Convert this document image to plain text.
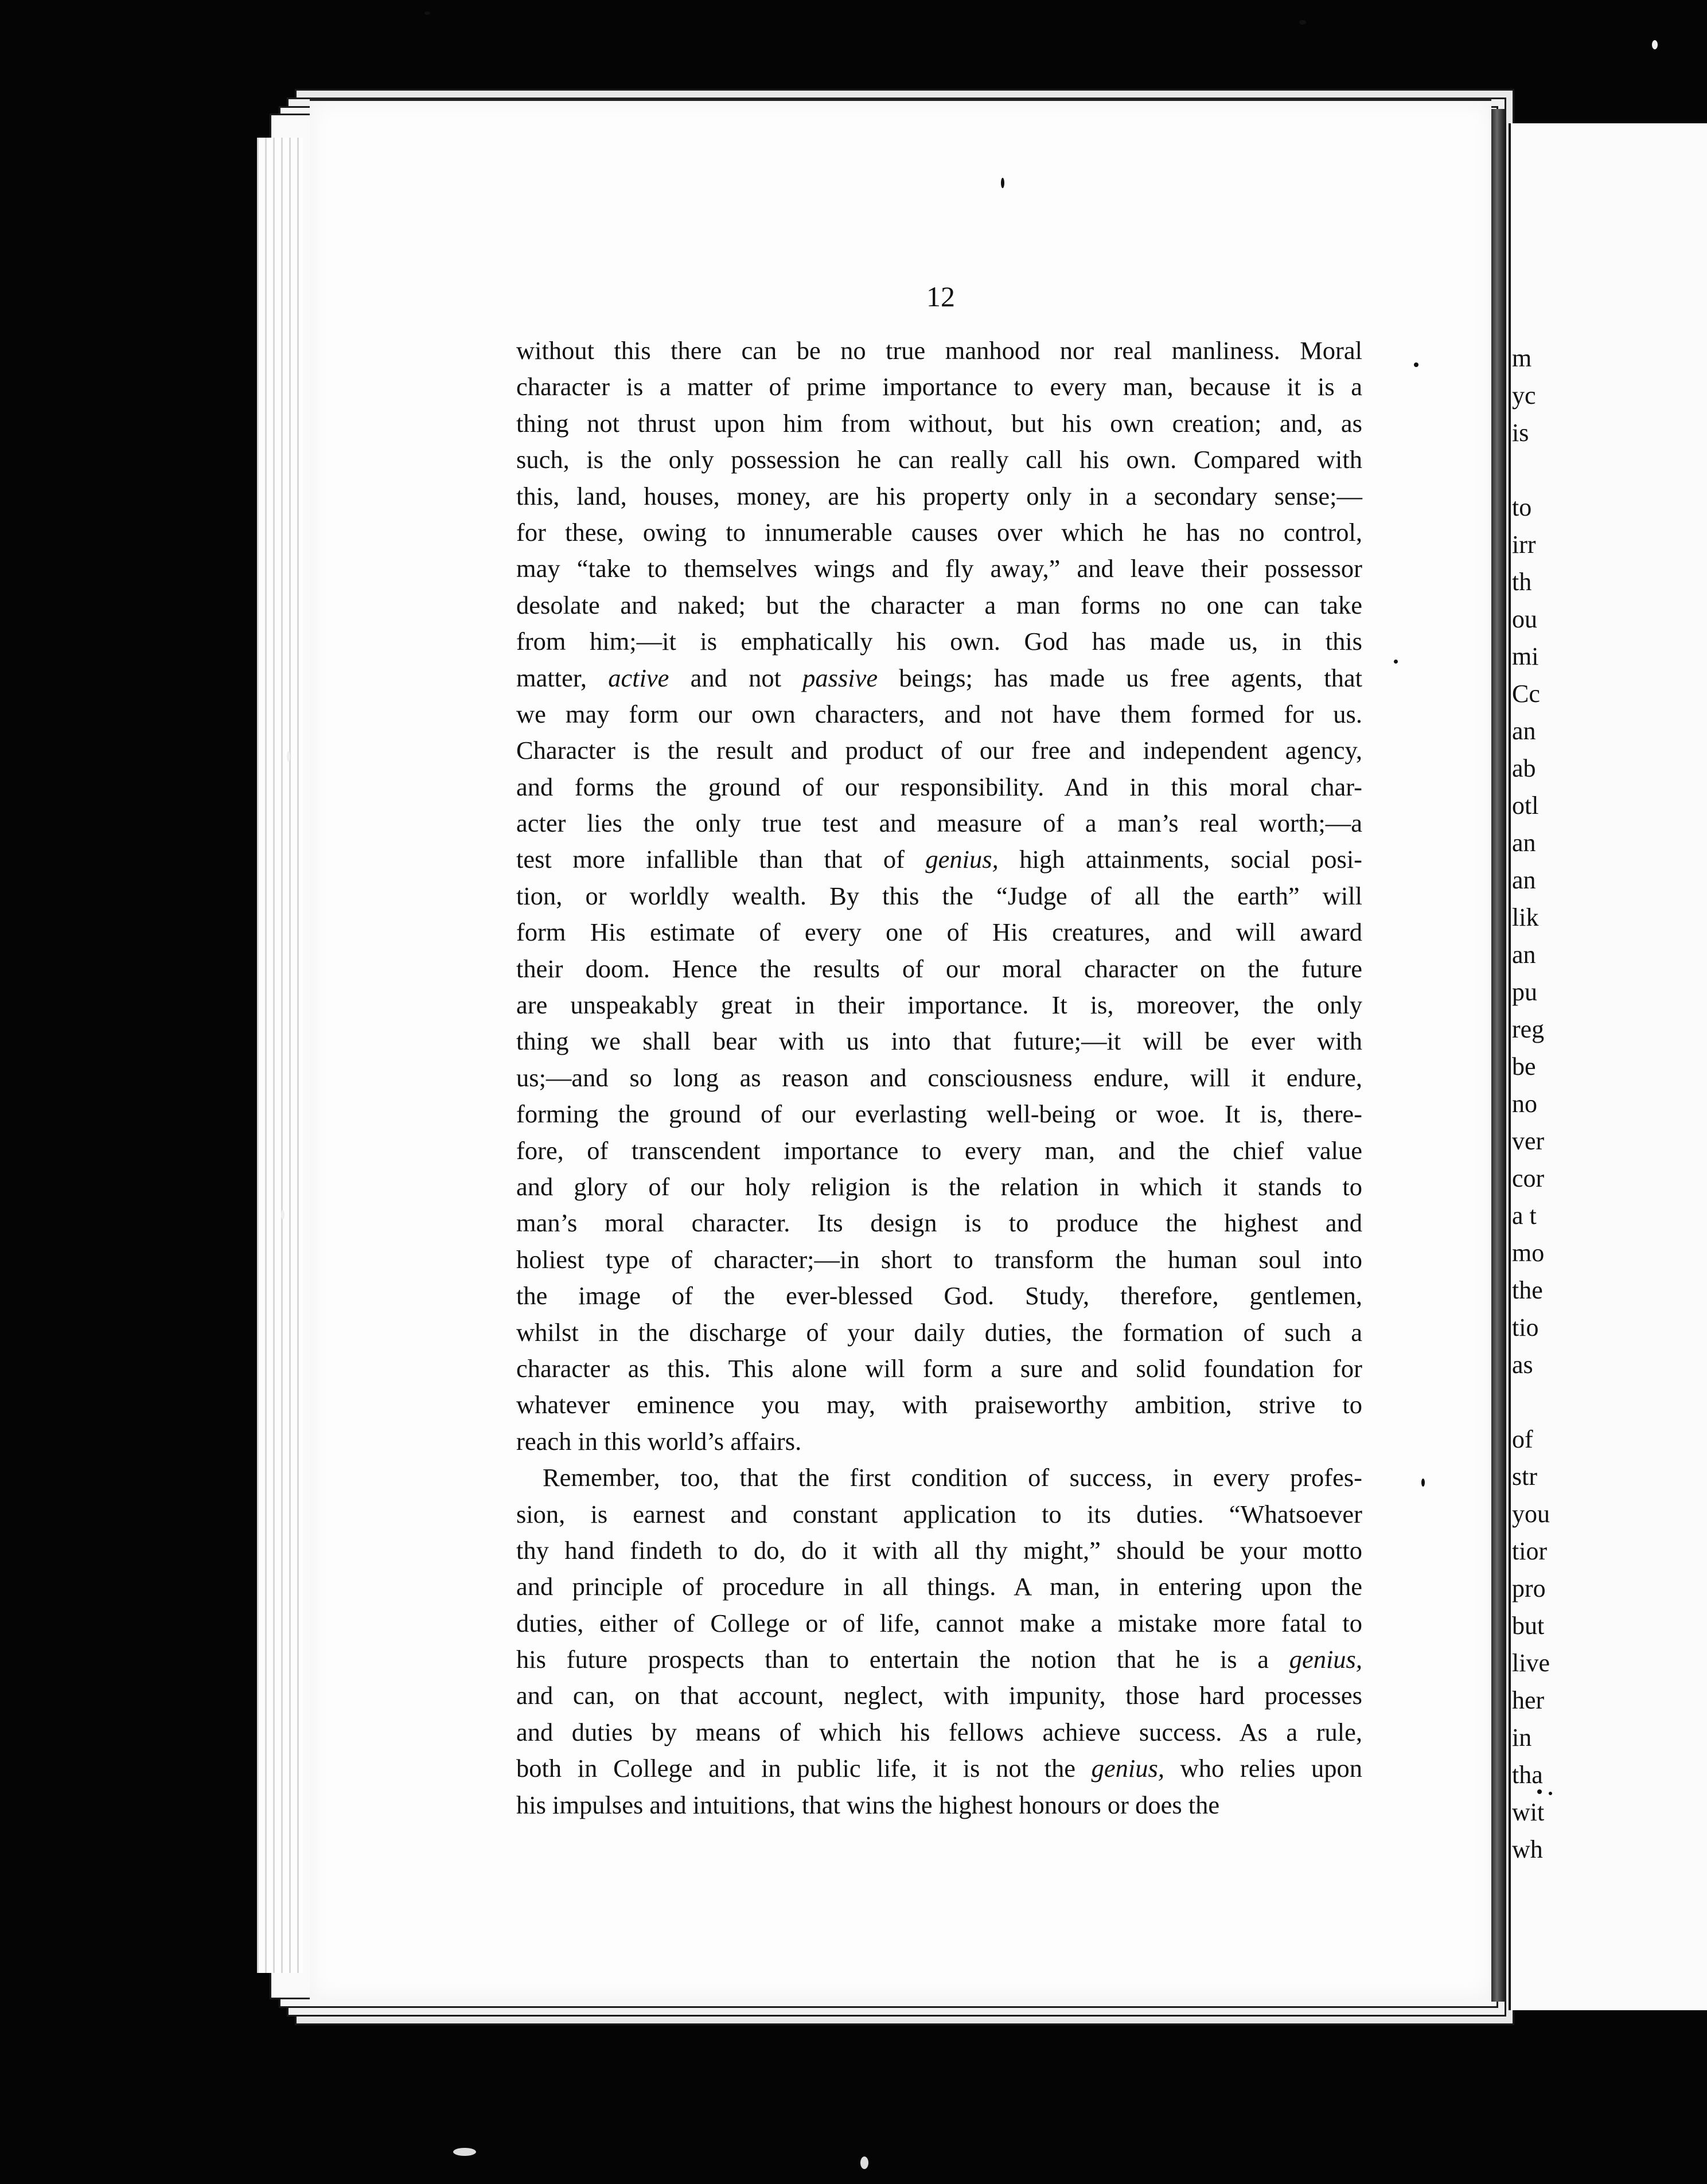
m
yc
is
to
irr
th
ou
mi
Cc
an
ab
otl
an
an
lik
an
pu
reg
be
no
ver
cor
a t
mo
the
tio
as
of
str
you
tior
pro
but
live
her
in
tha
wit
wh
12
without this there can be no true manhood nor real manliness. Moral
character is a matter of prime importance to every man, because it is a
thing not thrust upon him from without, but his own creation; and, as
such, is the only possession he can really call his own. Compared with
this, land, houses, money, are his property only in a secondary sense;—
for these, owing to innumerable causes over which he has no control,
may “take to themselves wings and fly away,” and leave their possessor
desolate and naked; but the character a man forms no one can take
from him;—it is emphatically his own. God has made us, in this
matter, active and not passive beings; has made us free agents, that
we may form our own characters, and not have them formed for us.
Character is the result and product of our free and independent agency,
and forms the ground of our responsibility. And in this moral char-
acter lies the only true test and measure of a man’s real worth;—a
test more infallible than that of genius, high attainments, social posi-
tion, or worldly wealth. By this the “Judge of all the earth” will
form His estimate of every one of His creatures, and will award
their doom. Hence the results of our moral character on the future
are unspeakably great in their importance. It is, moreover, the only
thing we shall bear with us into that future;—it will be ever with
us;—and so long as reason and consciousness endure, will it endure,
forming the ground of our everlasting well-being or woe. It is, there-
fore, of transcendent importance to every man, and the chief value
and glory of our holy religion is the relation in which it stands to
man’s moral character. Its design is to produce the highest and
holiest type of character;—in short to transform the human soul into
the image of the ever-blessed God. Study, therefore, gentlemen,
whilst in the discharge of your daily duties, the formation of such a
character as this. This alone will form a sure and solid foundation for
whatever eminence you may, with praiseworthy ambition, strive to
reach in this world’s affairs.
Remember, too, that the first condition of success, in every profes-
sion, is earnest and constant application to its duties. “Whatsoever
thy hand findeth to do, do it with all thy might,” should be your motto
and principle of procedure in all things. A man, in entering upon the
duties, either of College or of life, cannot make a mistake more fatal to
his future prospects than to entertain the notion that he is a genius,
and can, on that account, neglect, with impunity, those hard processes
and duties by means of which his fellows achieve success. As a rule,
both in College and in public life, it is not the genius, who relies upon
his impulses and intuitions, that wins the highest honours or does the
